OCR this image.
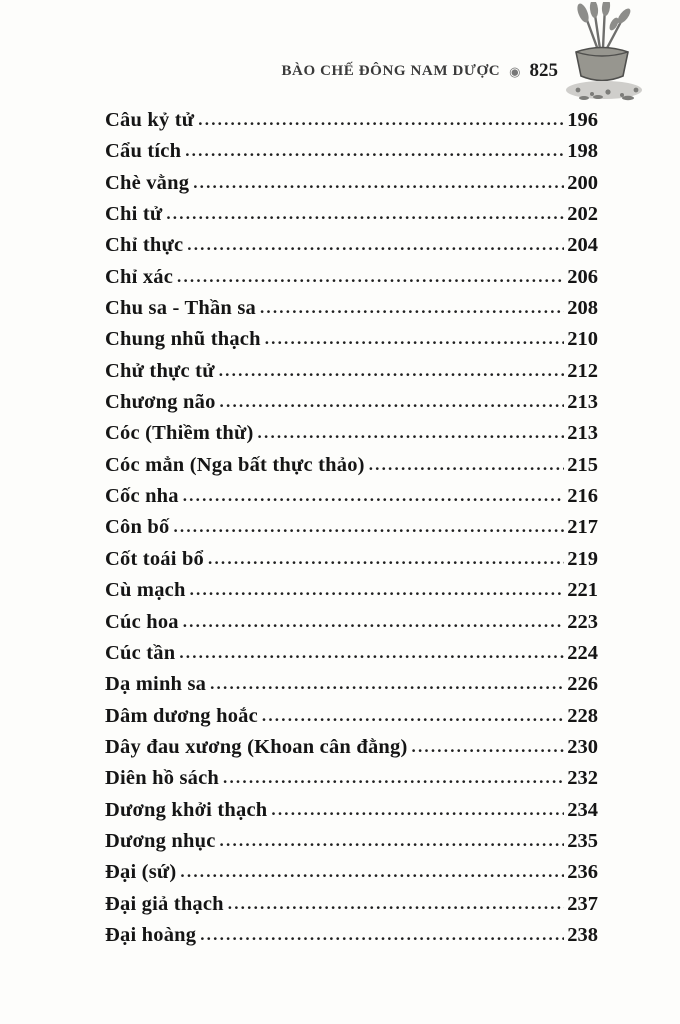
BÀO CHẾ ĐÔNG NAM DƯỢC ◉ 825
Câu kỷ tử .....	196
Cẩu tích .....	198
Chè vằng .....	200
Chi tử .....	202
Chỉ thực .....	204
Chỉ xác .....	206
Chu sa - Thần sa .....	208
Chung nhũ thạch .....	210
Chử thực tử .....	212
Chương não .....	213
Cóc (Thiềm thừ) .....	213
Cóc mẳn (Nga bất thực thảo) .....	215
Cốc nha .....	216
Côn bố .....	217
Cốt toái bổ .....	219
Cù mạch .....	221
Cúc hoa .....	223
Cúc tần .....	224
Dạ minh sa .....	226
Dâm dương hoắc .....	228
Dây đau xương (Khoan cân đằng) .....	230
Diên hồ sách .....	232
Dương khởi thạch .....	234
Dương nhục .....	235
Đại (sứ) .....	236
Đại giả thạch .....	237
Đại hoàng .....	238
